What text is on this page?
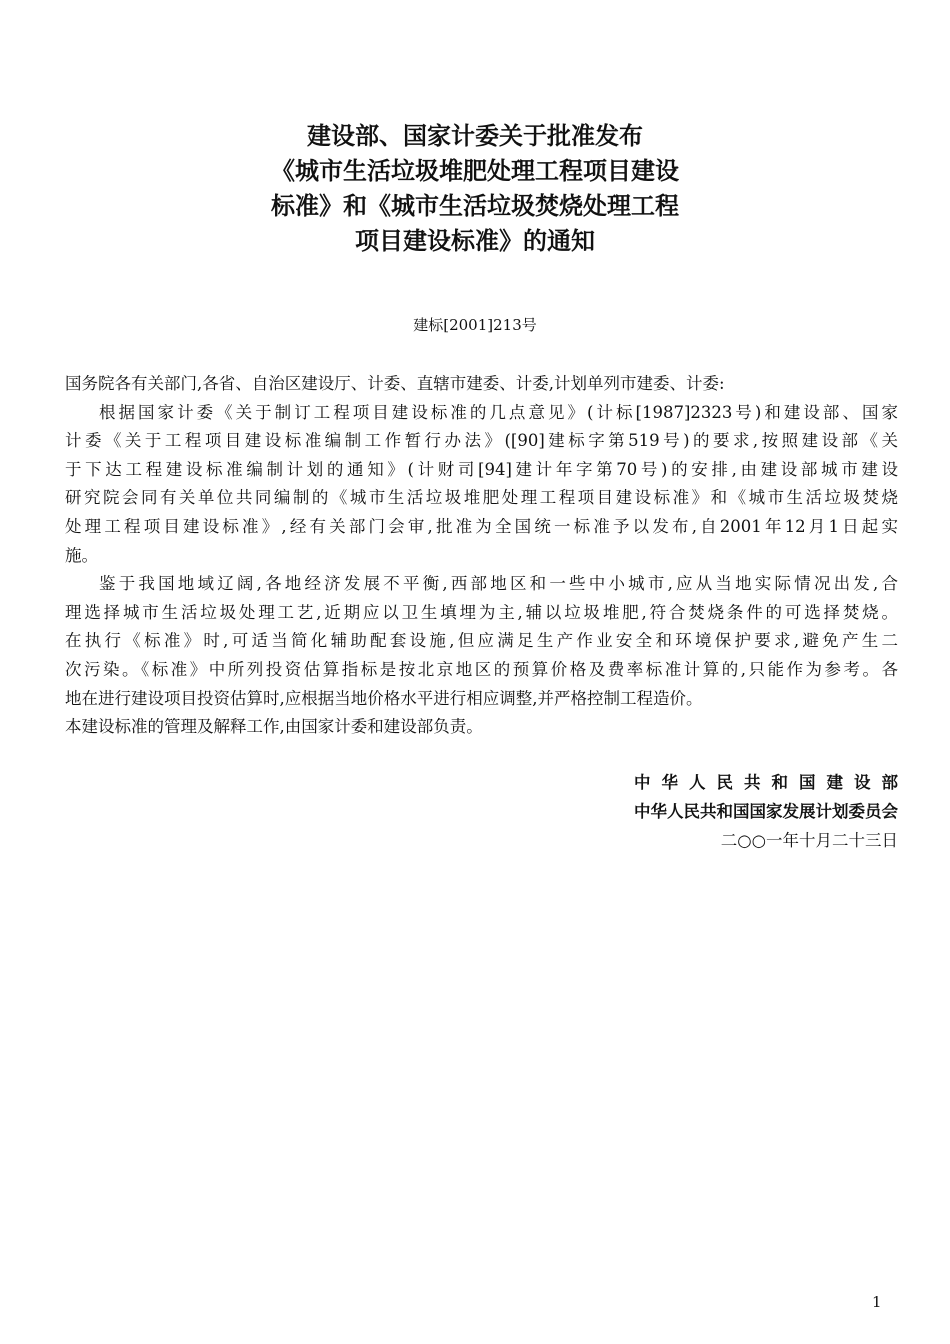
建设部、国家计委关于批准发布
《城市生活垃圾堆肥处理工程项目建设
标准》和《城市生活垃圾焚烧处理工程
项目建设标准》的通知
建标[2001]213号
国务院各有关部门,各省、自治区建设厅、计委、直辖市建委、计委,计划单列市建委、计委:
根据国家计委《关于制订工程项目建设标准的几点意见》(计标[1987]2323号)和建设部、国家
计委《关于工程项目建设标准编制工作暂行办法》([90]建标字第519号)的要求,按照建设部《关
于下达工程建设标准编制计划的通知》(计财司[94]建计年字第70号)的安排,由建设部城市建设
研究院会同有关单位共同编制的《城市生活垃圾堆肥处理工程项目建设标准》和《城市生活垃圾焚烧
处理工程项目建设标准》,经有关部门会审,批准为全国统一标准予以发布,自2001年12月1日起实
施。
鉴于我国地域辽阔,各地经济发展不平衡,西部地区和一些中小城市,应从当地实际情况出发,合
理选择城市生活垃圾处理工艺,近期应以卫生填埋为主,辅以垃圾堆肥,符合焚烧条件的可选择焚烧。
在执行《标准》时,可适当简化辅助配套设施,但应满足生产作业安全和环境保护要求,避免产生二
次污染。《标准》中所列投资估算指标是按北京地区的预算价格及费率标准计算的,只能作为参考。各
地在进行建设项目投资估算时,应根据当地价格水平进行相应调整,并严格控制工程造价。
本建设标准的管理及解释工作,由国家计委和建设部负责。
中华人民共和国建设部
中华人民共和国国家发展计划委员会
二○○一年十月二十三日
1
